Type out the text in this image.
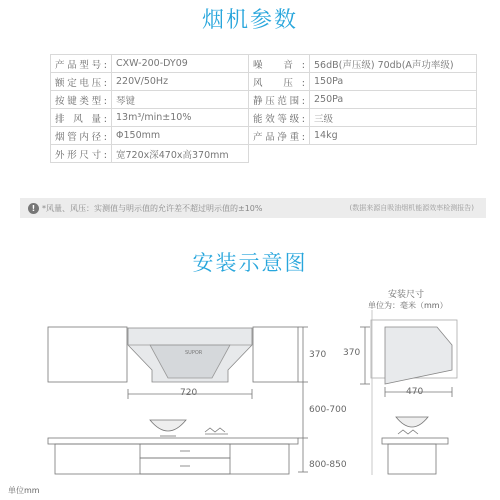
烟机参数
产品型号:	CXW-200-DY09	噪 音:	56dB(声压级) 70db(A声功率级)
额定电压:	220V/50Hz	风 压:	150Pa
按键类型:	琴键	静压范围:	250Pa
排 风 量:	13m³/min±10%	能效等级:	三级
烟管内径:	Φ150mm	产品净重:	14kg
外形尺寸:	宽720x深470x高370mm		
! *风量、风压：实测值与明示值的允许差不超过明示值的±10%	(数据来源自吸油烟机能源效率检测报告)
安装示意图
720
370
600-700
800-850
单位mm
安装尺寸
单位为：毫米（mm）
370
470
SUPOR
